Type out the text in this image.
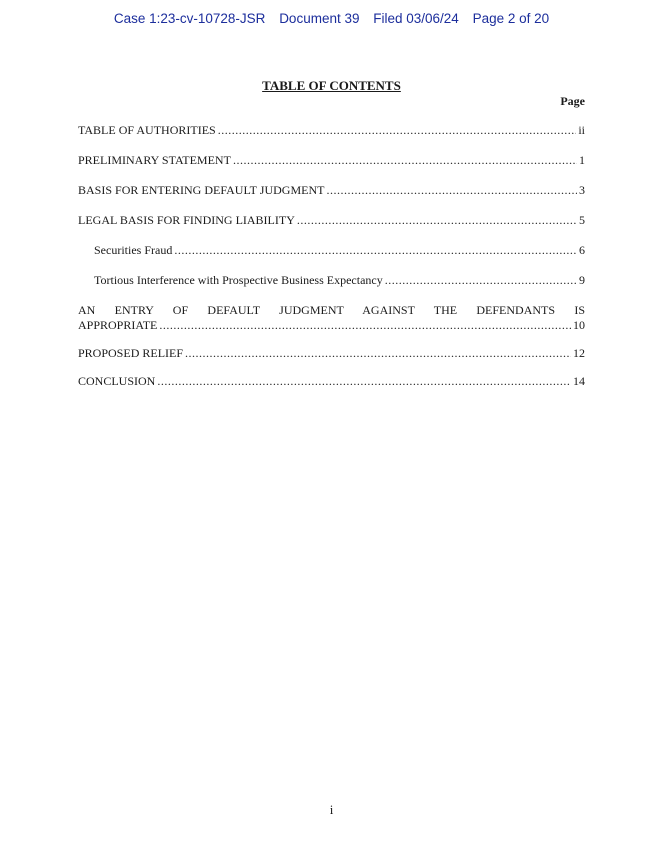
Case 1:23-cv-10728-JSR Document 39 Filed 03/06/24 Page 2 of 20
TABLE OF CONTENTS
Page
TABLE OF AUTHORITIES .....	ii
PRELIMINARY STATEMENT .....	1
BASIS FOR ENTERING DEFAULT JUDGMENT .....	3
LEGAL BASIS FOR FINDING LIABILITY .....	5
Securities Fraud .....	6
Tortious Interference with Prospective Business Expectancy .....	9
AN ENTRY OF DEFAULT JUDGMENT AGAINST THE DEFENDANTS IS
APPROPRIATE .....	10
PROPOSED RELIEF .....	12
CONCLUSION .....	14
i
